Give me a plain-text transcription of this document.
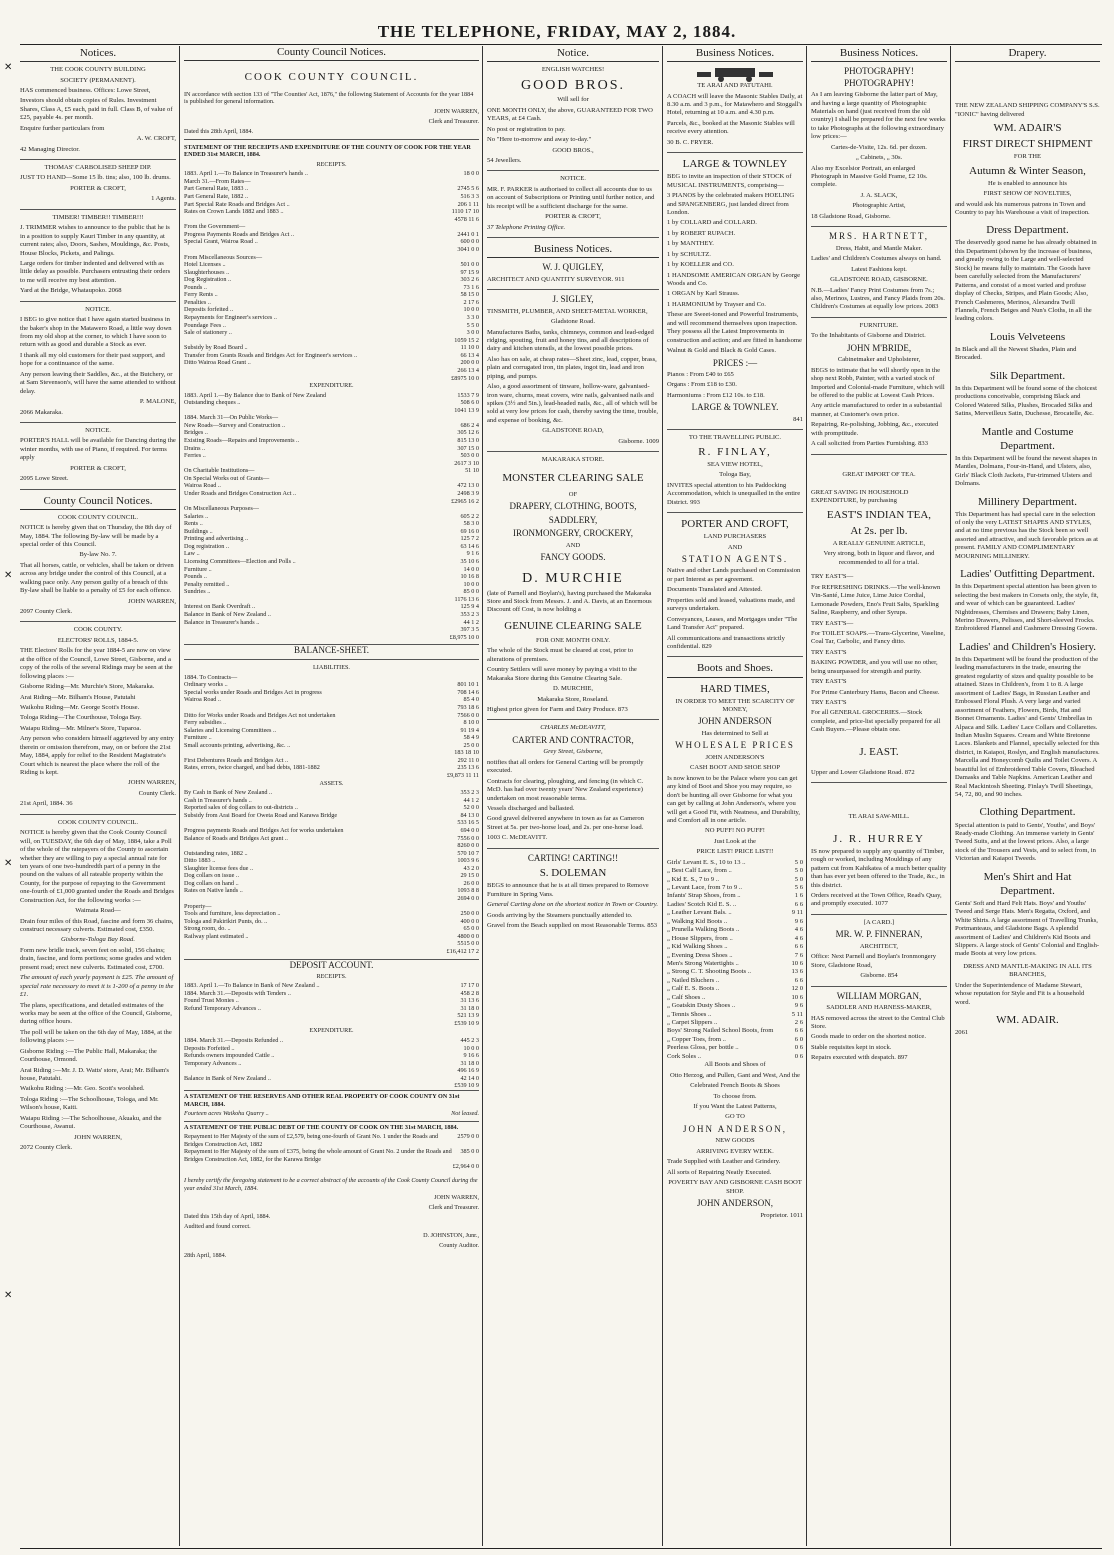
THE TELEPHONE, FRIDAY, MAY 2, 1884.
✕
✕
✕
✕
Notices.

THE COOK COUNTY BUILDING

SOCIETY (PERMANENT).

HAS commenced business. Offices: Lowe Street,

Investors should obtain copies of Rules. Investment Shares, Class A, £5 each, paid in full. Class B, of value of £25, payable 4s. per month.

Enquire further particulars from

A. W. CROFT,

42 Managing Director.

THOMAS' CARBOLISED SHEEP DIP.

JUST TO HAND—Some 15 lb. tins; also, 100 lb. drums.

PORTER & CROFT,

1 Agents.

TIMBER! TIMBER!! TIMBER!!!

J. TRIMMER wishes to announce to the public that he is in a position to supply Kauri Timber in any quantity, at current rates; also, Doors, Sashes, Mouldings, &c. Posts, House Blocks, Pickets, and Palings.

Large orders for timber indented and delivered with as little delay as possible. Purchasers entrusting their orders to me will receive my best attention.

Yard at the Bridge, Whataupoko. 2068

NOTICE.

I BEG to give notice that I have again started business in the baker's shop in the Matawero Road, a little way down from my old shop at the corner, to which I have soon to return with as good and durable a Stock as ever.

I thank all my old customers for their past support, and hope for a continuance of the same.

Any person leaving their Saddles, &c., at the Butchery, or at Sam Stevenson's, will have the same attended to without delay.

P. MALONE,

2066 Makaraka.

NOTICE.

PORTER'S HALL will be available for Dancing during the winter months, with use of Piano, if required. For terms apply

PORTER & CROFT,

2095 Lowe Street.

County Council Notices.

COOK COUNTY COUNCIL.

NOTICE is hereby given that on Thursday, the 8th day of May, 1884. The following By-law will be made by a special order of this Council.

By-law No. 7.

That all horses, cattle, or vehicles, shall be taken or driven across any bridge under the control of this Council, at a walking pace only. Any person guilty of a breach of this By-law shall be liable to a penalty of £5 for each offence.

JOHN WARREN,

2097 County Clerk.

COOK COUNTY.

ELECTORS' ROLLS, 1884-5.

THE Electors' Rolls for the year 1884-5 are now on view at the office of the Council, Lowe Street, Gisborne, and a copy of the rolls of the several Ridings may be seen at the following places :—

Gisborne Riding—Mr. Murchie's Store, Makaraka.

Arai Riding—Mr. Bilham's House, Patutahi

Waikohu Riding—Mr. George Scott's House.

Tologa Riding—The Courthouse, Tologa Bay.

Waiapu Riding—Mr. Milner's Store, Tuparoa.

Any person who considers himself aggrieved by any entry therein or omission therefrom, may, on or before the 21st May, 1884, apply for relief to the Resident Magistrate's Court which is nearest the place where the roll of the Riding is kept.

JOHN WARREN,

County Clerk.

21st April, 1884. 36

COOK COUNTY COUNCIL.

NOTICE is hereby given that the Cook County Council will, on TUESDAY, the 6th day of May, 1884, take a Poll of the whole of the ratepayers of the County to ascertain whether they are willing to pay a special annual rate for ten years of one two-hundredth part of a penny in the pound on the values of all rateable property within the County, for the purpose of repaying to the Government one-fourth of £1,000 granted under the Roads and Bridges Construction Act, for the following works :—

Waimata Road—

Drain four miles of this Road, fascine and form 36 chains, construct necessary culverts. Estimated cost, £350.

Gisborne-Tologa Bay Road.

Form new bridle track, seven feet on solid, 156 chains; drain, fascine, and form portions; some grades and widen present road; erect new culverts. Estimated cost, £700.

The amount of each yearly payment is £25. The amount of special rate necessary to meet it is 1-200 of a penny in the £1.

The plans, specifications, and detailed estimates of the works may be seen at the office of the Council, Gisborne, during office hours.

The poll will be taken on the 6th day of May, 1884, at the following places :—

Gisborne Riding :—The Public Hall, Makaraka; the Courthouse, Ormond.

Arai Riding :—Mr. J. D. Watts' store, Arai; Mr. Bilham's house, Patutahi.

Waikohu Riding :—Mr. Geo. Scott's woolshed.

Tologa Riding :—The Schoolhouse, Tologa, and Mr. Wilson's house, Kaiti.

Waiapu Riding :—The Schoolhouse, Akuaku, and the Courthouse, Awanui.

JOHN WARREN,

2072 County Clerk.

County Council Notices.

COOK COUNTY COUNCIL.

IN accordance with section 133 of "The Counties' Act, 1876," the following Statement of Accounts for the year 1884 is published for general information.

JOHN WARREN,

Clerk and Treasurer.

Dated this 28th April, 1884.

STATEMENT OF THE RECEIPTS AND EXPENDITURE OF THE COUNTY OF COOK FOR THE YEAR ENDED 31st MARCH, 1884.

RECEIPTS.

1883. April 1.—To Balance in Treasurer's hands ..	18 0 0
March 31.—From Rates—
Part General Rate, 1883 ..	2745 5 6
Part General Rate, 1882 ..	516 3 3
Part Special Rate Roads and Bridges Act ..	206 1 11
Rates on Crown Lands 1882 and 1883 ..	1110 17 10
4578 11 6
From the Government—
Progress Payments Roads and Bridges Act ..	2441 0 1
Special Grant, Wairoa Road ..	600 0 0
3041 0 0
From Miscellaneous Sources—
Hotel Licenses ..	501 0 0
Slaughterhouses ..	97 15 9
Dog Registration ..	303 2 6
Pounds ..	73 1 6
Ferry Rents ..	58 15 0
Penalties ..	2 17 6
Deposits forfeited ..	10 0 0
Repayments for Engineer's services ..	3 3 0
Poundage Fees ..	5 5 0
Sale of stationery ..	3 0 0
1059 15 2
Subsidy by Road Board ..	11 10 0
Transfer from Grants Roads and Bridges Act for Engineer's services ..	66 13 4
Ditto Wairoa Road Grant ..	200 0 0
266 13 4
£8975 10 0

EXPENDITURE.

1883. April 1.—By Balance due to Bank of New Zealand	1533 7 9
Outstanding cheques ..	508 6 0
1041 13 9
1884. March 31—On Public Works—
New Roads—Survey and Construction ..	686 2 4
Bridges ..	305 12 6
Existing Roads—Repairs and Improvements ..	815 13 0
Drains ..	307 15 0
Ferries ..	503 0 0
2617 3 10
On Charitable Institutions—	51 10
On Special Works out of Grants—
Wairoa Road ..	472 13 0
Under Roads and Bridges Construction Act ..	2498 3 9
£2965 16 2
On Miscellaneous Purposes—
Salaries ..	605 2 2
Rents ..	58 3 0
Buildings ..	69 16 0
Printing and advertising ..	125 7 2
Dog registration ..	63 14 6
Law ..	9 1 6
Licensing Committees—Election and Polls ..	35 10 6
Furniture ..	14 0 0
Pounds ..	10 16 8
Penalty remitted ..	10 0 0
Sundries ..	85 0 0
1176 13 6
Interest on Bank Overdraft ..	125 9 4
Balance in Bank of New Zealand ..	353 2 3
Balance in Treasurer's hands ..	44 1 2
397 3 5
£8,975 10 0

BALANCE-SHEET.

LIABILITIES.

1884. To Contracts—
Ordinary works ..	801 10 1
Special works under Roads and Bridges Act in progress	708 14 6
Wairoa Road ..	85 4 0
793 18 6
Ditto for Works under Roads and Bridges Act not undertaken	7566 0 0
Ferry subsidies ..	8 10 0
Salaries and Licensing Committees ..	91 19 4
Furniture ..	58 4 9
Small accounts printing, advertising, &c. ..	25 0 0
183 18 10
First Debentures Roads and Bridges Act ..	292 11 0
Rates, errors, twice charged, and bad debts, 1881-1882	235 13 6
£9,873 11 11

ASSETS.

By Cash in Bank of New Zealand ..	353 2 3
Cash in Treasurer's hands ..	44 1 2
Reported sales of dog collars to out-districts ..	52 0 0
Subsidy from Arai Board for Oweta Road and Karawa Bridge	84 13 0
533 16 5
Progress payments Roads and Bridges Act for works undertaken	694 0 0
Balance of Roads and Bridges Act grant ..	7556 0 0
8260 0 0
Outstanding rates, 1882 ..	570 10 7
Ditto 1883 ..	1003 9 6
Slaughter license fees due ..	43 2 0
Dog collars on issue ..	29 15 0
Dog collars on hand ..	26 0 0
Rates on Native lands ..	1093 8 8
2694 0 0
Property—
Tools and furniture, less depreciation ..	250 0 0
Tologa and Pakirikiri Punts, do. ..	400 0 0
Strong room, do. ..	65 0 0
Railway plant estimated ..	4800 0 0
5515 0 0
£16,412 17 2

DEPOSIT ACCOUNT.

RECEIPTS.

1883. April 1.—To Balance in Bank of New Zealand ..	17 17 0
1884. March 31.—Deposits with Tenders ..	458 2 8
Found Trust Monies ..	31 13 6
Refund Temporary Advances ..	31 18 0
521 13 9
£539 10 9

EXPENDITURE.

1884. March 31.—Deposits Refunded ..	445 2 3
Deposits Forfeited ..	10 0 0
Refunds owners impounded Cattle ..	9 16 6
Temporary Advances ..	31 18 0
496 16 9
Balance in Bank of New Zealand ..	42 14 0
£539 10 9

A STATEMENT OF THE RESERVES AND OTHER REAL PROPERTY OF COOK COUNTY ON 31st MARCH, 1884.

Fourteen acres Waikohu Quarry ..	Not leased.

A STATEMENT OF THE PUBLIC DEBT OF THE COUNTY OF COOK ON THE 31st MARCH, 1884.

Repayment to Her Majesty of the sum of £2,579, being one-fourth of Grant No. 1 under the Roads and Bridges Construction Act, 1882
2579 0 0
Repayment to Her Majesty of the sum of £375, being the whole amount of Grant No. 2 under the Roads and Bridges Construction Act, 1882, for the Karawa Bridge
385 0 0
£2,964 0 0

I hereby certify the foregoing statement to be a correct abstract of the accounts of the Cook County Council during the year ended 31st March, 1884.

JOHN WARREN,

Clerk and Treasurer.

Dated this 15th day of April, 1884.

Audited and found correct.

D. JOHNSTON, Junr.,

County Auditor.

28th April, 1884.

Notice.

ENGLISH WATCHES!

GOOD BROS.

Will sell for

ONE MONTH ONLY, the above, GUARANTEED FOR TWO YEARS, at £4 Cash.

No post or registration to pay.

No "Here to-morrow and away to-day."

GOOD BROS.,

54 Jewellers.

NOTICE.

MR. F. PARKER is authorised to collect all accounts due to us on account of Subscriptions or Printing until further notice, and his receipt will be a sufficient discharge for the same.

PORTER & CROFT,

37 Telephone Printing Office.

Business Notices.

W. J. QUIGLEY,

ARCHITECT AND QUANTITY SURVEYOR. 911

J. SIGLEY,

TINSMITH, PLUMBER, AND SHEET-METAL WORKER,

Gladstone Road.

Manufactures Baths, tanks, chimneys, common and lead-edged ridging, spouting, fruit and honey tins, and all descriptions of dairy and kitchen utensils, at the lowest possible prices.

Also has on sale, at cheap rates—Sheet zinc, lead, copper, brass, plain and corrugated iron, tin plates, ingot tin, lead and iron piping, and pumps.

Also, a good assortment of tinware, hollow-ware, galvanised-iron ware, churns, meat covers, wire nails, galvanised nails and spikes (3½ and 5in.), lead-headed nails, &c., all of which will be sold at very low prices for cash, thereby saving the time, trouble, and expense of booking, &c.

GLADSTONE ROAD,

Gisborne. 1009

MAKARAKA STORE.

MONSTER CLEARING SALE

OF

DRAPERY, CLOTHING, BOOTS,

SADDLERY,

IRONMONGERY, CROCKERY,

AND

FANCY GOODS.

D. MURCHIE

(late of Parnell and Boylan's), having purchased the Makaraka Store and Stock from Messrs. J. and A. Davis, at an Enormous Discount off Cost, is now holding a

GENUINE CLEARING SALE

FOR ONE MONTH ONLY.

The whole of the Stock must be cleared at cost, prior to alterations of premises.

Country Settlers will save money by paying a visit to the Makaraka Store during this Genuine Clearing Sale.

D. MURCHIE,

Makaraka Store, Roseland.

Highest price given for Farm and Dairy Produce. 873

CHARLES McDEAVITT,

CARTER AND CONTRACTOR,

Grey Street, Gisborne,

notifies that all orders for General Carting will be promptly executed.

Contracts for clearing, ploughing, and fencing (in which C. McD. has had over twenty years' New Zealand experience) undertaken on most reasonable terms.

Vessels discharged and ballasted.

Good gravel delivered anywhere in town as far as Cameron Street at 5s. per two-horse load, and 2s. per one-horse load.

1003 C. McDEAVITT.

CARTING! CARTING!!

S. DOLEMAN

BEGS to announce that he is at all times prepared to Remove Furniture in Spring Vans.

General Carting done on the shortest notice in Town or Country.

Goods arriving by the Steamers punctually attended to.

Gravel from the Beach supplied on most Reasonable Terms. 853

Business Notices.

TE ARAI AND PATUTAHI.

A COACH will leave the Masonic Stables Daily, at 8.30 a.m. and 3 p.m., for Matawhero and Stoggall's Hotel, returning at 10 a.m. and 4.30 p.m.

Parcels, &c., booked at the Masonic Stables will receive every attention.

30 B. C. FRYER.

LARGE & TOWNLEY

BEG to invite an inspection of their STOCK of MUSICAL INSTRUMENTS, comprising—

3 PIANOS by the celebrated makers HOELING and SPANGENBERG, just landed direct from London.

1 by COLLARD and COLLARD.

1 by ROBERT RUPACH.

1 by MANTHEY.

1 by SCHULTZ.

1 by KOELLER and CO.

1 HANDSOME AMERICAN ORGAN by George Woods and Co.

1 ORGAN by Karl Strauss.

1 HARMONIUM by Trayser and Co.

These are Sweet-toned and Powerful Instruments, and will recommend themselves upon inspection. They possess all the Latest Improvements in construction and action; and are fitted in handsome

Walnut & Gold and Black & Gold Cases.

PRICES :—

Pianos : From £40 to £65

Organs : From £18 to £30.

Harmoniums : From £12 10s. to £18.

LARGE & TOWNLEY.

841

TO THE TRAVELLING PUBLIC.

R. FINLAY,

SEA VIEW HOTEL,

Tologa Bay,

INVITES special attention to his Paddocking Accommodation, which is unequalled in the entire District. 993

PORTER AND CROFT,

LAND PURCHASERS

AND

STATION AGENTS.

Native and other Lands purchased on Commission or part Interest as per agreement.

Documents Translated and Attested.

Properties sold and leased, valuations made, and surveys undertaken.

Conveyances, Leases, and Mortgages under "The Land Transfer Act" prepared.

All communications and transactions strictly confidential. 829

Boots and Shoes.

HARD TIMES,

IN ORDER TO MEET THE SCARCITY OF MONEY,

JOHN ANDERSON

Has determined to Sell at

WHOLESALE PRICES

JOHN ANDERSON'S

CASH BOOT AND SHOE SHOP

Is now known to be the Palace where you can get any kind of Boot and Shoe you may require, so don't be hunting all over Gisborne for what you can get by calling at John Anderson's, where you will get a Good Fit, with Neatness, and Durability, and Comfort all in one article.

NO PUFF! NO PUFF!

Just Look at the

PRICE LIST! PRICE LIST!!

Girls' Levant E. S., 10 to 13 ..	5 0
„ Best Calf Lace, from ..	5 0
„ Kid E. S., 7 to 9 ..	5 0
„ Levant Lace, from 7 to 9 ..	5 6
Infants' Strap Shoes, from ..	1 6
Ladies' Scotch Kid E. S. ..	6 6
„ Leather Levant Bals. ..	9 11
„ Walking Kid Boots ..	9 6
„ Prunella Walking Boots ..	4 6
„ House Slippers, from ..	4 6
„ Kid Walking Shoes ..	6 6
„ Evening Dress Shoes ..	7 6
Men's Strong Watertights ..	10 6
„ Strong C. T. Shooting Boots ..	13 6
„ Nailed Bluchers ..	6 6
„ Calf E. S. Boots ..	12 0
„ Calf Shoes ..	10 6
„ Goatskin Dusty Shoes ..	9 6
„ Tennis Shoes ..	5 11
„ Carpet Slippers ..	2 6
Boys' Strong Nailed School Boots, from	6 6
„ Copper Toes, from ..	6 0
Peerless Gloss, per bottle ..	0 6
Cork Soles ..	0 6

All Boots and Shoes of

Otto Herzog, and Pullen, Gant and West, And the

Celebrated French Boots & Shoes

To choose from.

If you Want the Latest Patterns,

GO TO

JOHN ANDERSON,

NEW GOODS

ARRIVING EVERY WEEK.

Trade Supplied with Leather and Grindery.

All sorts of Repairing Neatly Executed.

POVERTY BAY AND GISBORNE CASH BOOT SHOP.

JOHN ANDERSON,

Proprietor. 1011

Business Notices.

PHOTOGRAPHY! PHOTOGRAPHY!

As I am leaving Gisborne the latter part of May, and having a large quantity of Photographic Materials on hand (just received from the old country) I shall be prepared for the next few weeks to take Photographs at the following extraordinary low prices:—

Cartes-de-Visite, 12s. 6d. per dozen.

„ Cabinets, „ 30s.

Also my Excelsior Portrait, an enlarged Photograph in Massive Gold Frame, £2 10s. complete.

J. A. SLACK,

Photographic Artist,

18 Gladstone Road, Gisborne.

MRS. HARTNETT,

Dress, Habit, and Mantle Maker.

Ladies' and Children's Costumes always on hand.

Latest Fashions kept.

GLADSTONE ROAD, GISBORNE.

N.B.—Ladies' Fancy Print Costumes from 7s.; also, Merinos, Lustres, and Fancy Plaids from 20s. Children's Costumes at equally low prices. 2083

FURNITURE.

To the Inhabitants of Gisborne and District.

JOHN M'BRIDE,

Cabinetmaker and Upholsterer,

BEGS to intimate that he will shortly open in the shop next Robb, Painter, with a varied stock of Imported and Colonial-made Furniture, which will be offered to the public at Lowest Cash Prices.

Any article manufactured to order in a substantial manner, at Customer's own price.

Repairing, Re-polishing, Jobbing, &c., executed with promptitude.

A call solicited from Parties Furnishing. 833

GREAT IMPORT OF TEA.

GREAT SAVING IN HOUSEHOLD EXPENDITURE, by purchasing

EAST'S INDIAN TEA,

At 2s. per lb.

A REALLY GENUINE ARTICLE,

Very strong, both in liquor and flavor, and recommended to all for a trial.

TRY EAST'S—

For REFRESHING DRINKS.—The well-known Vin-Santé, Lime Juice, Lime Juice Cordial, Lemonade Powders, Eno's Fruit Salts, Sparkling Saline, Raspberry, and other Syrups.

TRY EAST'S—

For TOILET SOAPS.—Trans-Glycerine, Vaseline, Coal Tar, Carbolic, and Fancy ditto.

TRY EAST'S

BAKING POWDER, and you will use no other, being unsurpassed for strength and purity.

TRY EAST'S

For Prime Canterbury Hams, Bacon and Cheese.

TRY EAST'S

For all GENERAL GROCERIES.—Stock complete, and price-list specially prepared for all Cash Buyers.—Please obtain one.

J. EAST.

Upper and Lower Gladstone Road. 872

TE ARAI SAW-MILL.

J. R. HURREY

IS now prepared to supply any quantity of Timber, rough or worked, including Mouldings of any pattern cut from Kahikatea of a much better quality than has ever yet been offered to the Trade, &c., in this district.

Orders received at the Town Office, Read's Quay, and promptly executed. 1077

[A CARD.]

MR. W. P. FINNERAN,

ARCHITECT,

Office: Next Parnell and Boylan's Ironmongery Store, Gladstone Road,

Gisborne. 854

WILLIAM MORGAN,

SADDLER AND HARNESS-MAKER,

HAS removed across the street to the Central Club Store.

Goods made to order on the shortest notice.

Stable requisites kept in stock.

Repairs executed with despatch. 897

Drapery.

THE NEW ZEALAND SHIPPING COMPANY'S S.S. "IONIC" having delivered

WM. ADAIR'S

FIRST DIRECT SHIPMENT

FOR THE

Autumn & Winter Season,

He is enabled to announce his

FIRST SHOW OF NOVELTIES,

and would ask his numerous patrons in Town and Country to pay his Warehouse a visit of inspection.

Dress Department.

The deservedly good name he has already obtained in this Department (shown by the increase of business, and greatly owing to the Large and well-selected Stock) he means fully to maintain. The Goods have been carefully selected from the Manufacturers' Patterns, and consist of a most varied and profuse display of Checks, Stripes, and Plain Goods; Also, French Cashmeres, Merinos, Alexandra Twill Flannels, French Beiges and Nun's Cloths, in all the leading colors.

Louis Velveteens

In Black and all the Newest Shades, Plain and Brocaded.

Silk Department.

In this Department will be found some of the choicest productions conceivable, comprising Black and Colored Watered Silks, Plushes, Brocaded Silks and Satins, Merveilleux Satin, Duchesse, Brocatelle, &c.

Mantle and Costume Department.

In this Department will be found the newest shapes in Mantles, Dolmans, Four-in-Hand, and Ulsters, also, Girls' Black Cloth Jackets, Fur-trimmed Ulsters and Dolmans.

Millinery Department.

This Department has had special care in the selection of only the very LATEST SHAPES AND STYLES, and at no time previous has the Stock been so well assorted and attractive, and such favorable prices as at present. FAMILY AND COMPLIMENTARY MOURNING MILLINERY.

Ladies' Outfitting Department.

In this Department special attention has been given to selecting the best makers in Corsets only, the style, fit, and wear of which can be guaranteed. Ladies' Nightdresses, Chemises and Drawers; Baby Linen, Merino Drawers, Pelisses, and Short-sleeved Frocks. Embroidered Flannel and Cashmere Dressing Gowns.

Ladies' and Children's Hosiery.

In this Department will be found the production of the leading manufacturers in the trade, ensuring the greatest regularity of sizes and quality possible to be attained. Sizes in Children's, from 1 to 8. A large assortment of Ladies' Bags, in Russian Leather and Embossed Floral Plush. A very large and varied assortment of Feathers, Flowers, Birds, Hat and Bonnet Ornaments. Ladies' and Gents' Umbrellas in Alpaca and Silk. Ladies' Lace Collars and Collarettes. Indian Muslin Squares. Cream and White Bretonne Laces. Blankets and Flannel, specially selected for this district, in Kaiapoi, Roslyn, and English manufactures. Marcella and Honeycomb Quilts and Toilet Covers. A beautiful lot of Embroidered Table Covers, Bleached Damasks and Table Napkins. American Leather and Real Mackintosh Sheeting. Finlay's Twill Sheetings, 54, 72, 80, and 90 inches.

Clothing Department.

Special attention is paid to Gents', Youths', and Boys' Ready-made Clothing. An immense variety in Gents' Tweed Suits, and at the lowest prices. Also, a large stock of the Trousers and Vests, and to select from, in Victorian and Kaiapoi Tweeds.

Men's Shirt and Hat Department.

Gents' Soft and Hard Felt Hats. Boys' and Youths' Tweed and Serge Hats. Men's Regatta, Oxford, and White Shirts. A large assortment of Travelling Trunks, Portmanteaus, and Gladstone Bags. A splendid assortment of Ladies' and Children's Kid Boots and Slippers. A large stock of Gents' Colonial and English-made Boots at very low prices.

DRESS AND MANTLE-MAKING IN ALL ITS BRANCHES,

Under the Superintendence of Madame Stewart, whose reputation for Style and Fit is a household word.

WM. ADAIR.

2061
